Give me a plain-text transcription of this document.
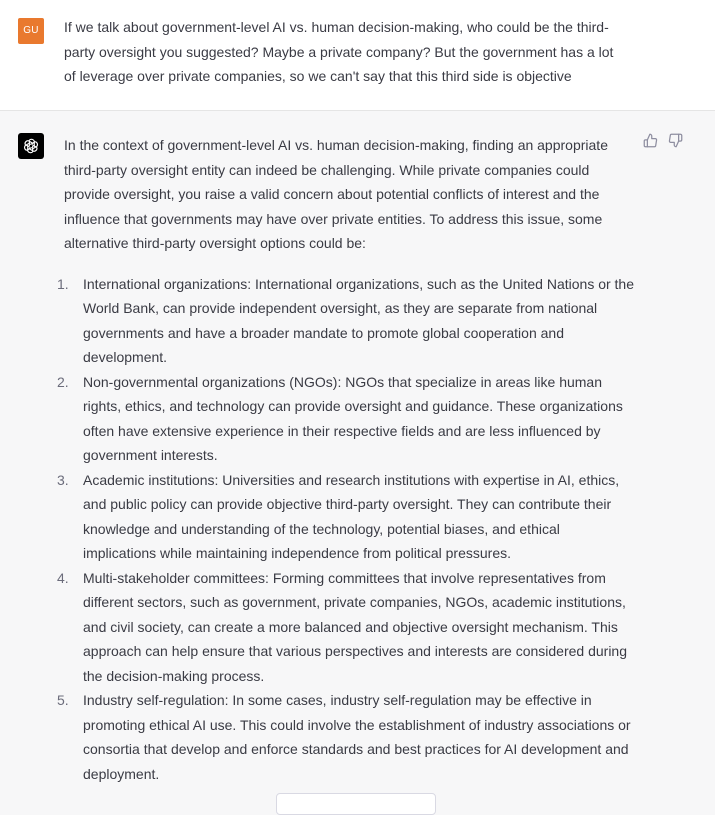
GU	If we talk about government-level AI vs. human decision-making, who could be the third-
party oversight you suggested? Maybe a private company? But the government has a lot
of leverage over private companies, so we can't say that this third side is objective

In the context of government-level AI vs. human decision-making, finding an appropriate third-party oversight entity can indeed be challenging. While private companies could provide oversight, you raise a valid concern about potential conflicts of interest and the influence that governments may have over private entities. To address this issue, some alternative third-party oversight options could be:

1.	International organizations: International organizations, such as the United Nations or the World Bank, can provide independent oversight, as they are separate from national governments and have a broader mandate to promote global cooperation and development.
2.	Non-governmental organizations (NGOs): NGOs that specialize in areas like human rights, ethics, and technology can provide oversight and guidance. These organizations often have extensive experience in their respective fields and are less influenced by government interests.
3.	Academic institutions: Universities and research institutions with expertise in AI, ethics, and public policy can provide objective third-party oversight. They can contribute their knowledge and understanding of the technology, potential biases, and ethical implications while maintaining independence from political pressures.
4.	Multi-stakeholder committees: Forming committees that involve representatives from different sectors, such as government, private companies, NGOs, academic institutions, and civil society, can create a more balanced and objective oversight mechanism. This approach can help ensure that various perspectives and interests are considered during the decision-making process.
5.	Industry self-regulation: In some cases, industry self-regulation may be effective in promoting ethical AI use. This could involve the establishment of industry associations or consortia that develop and enforce standards and best practices for AI development and deployment.
